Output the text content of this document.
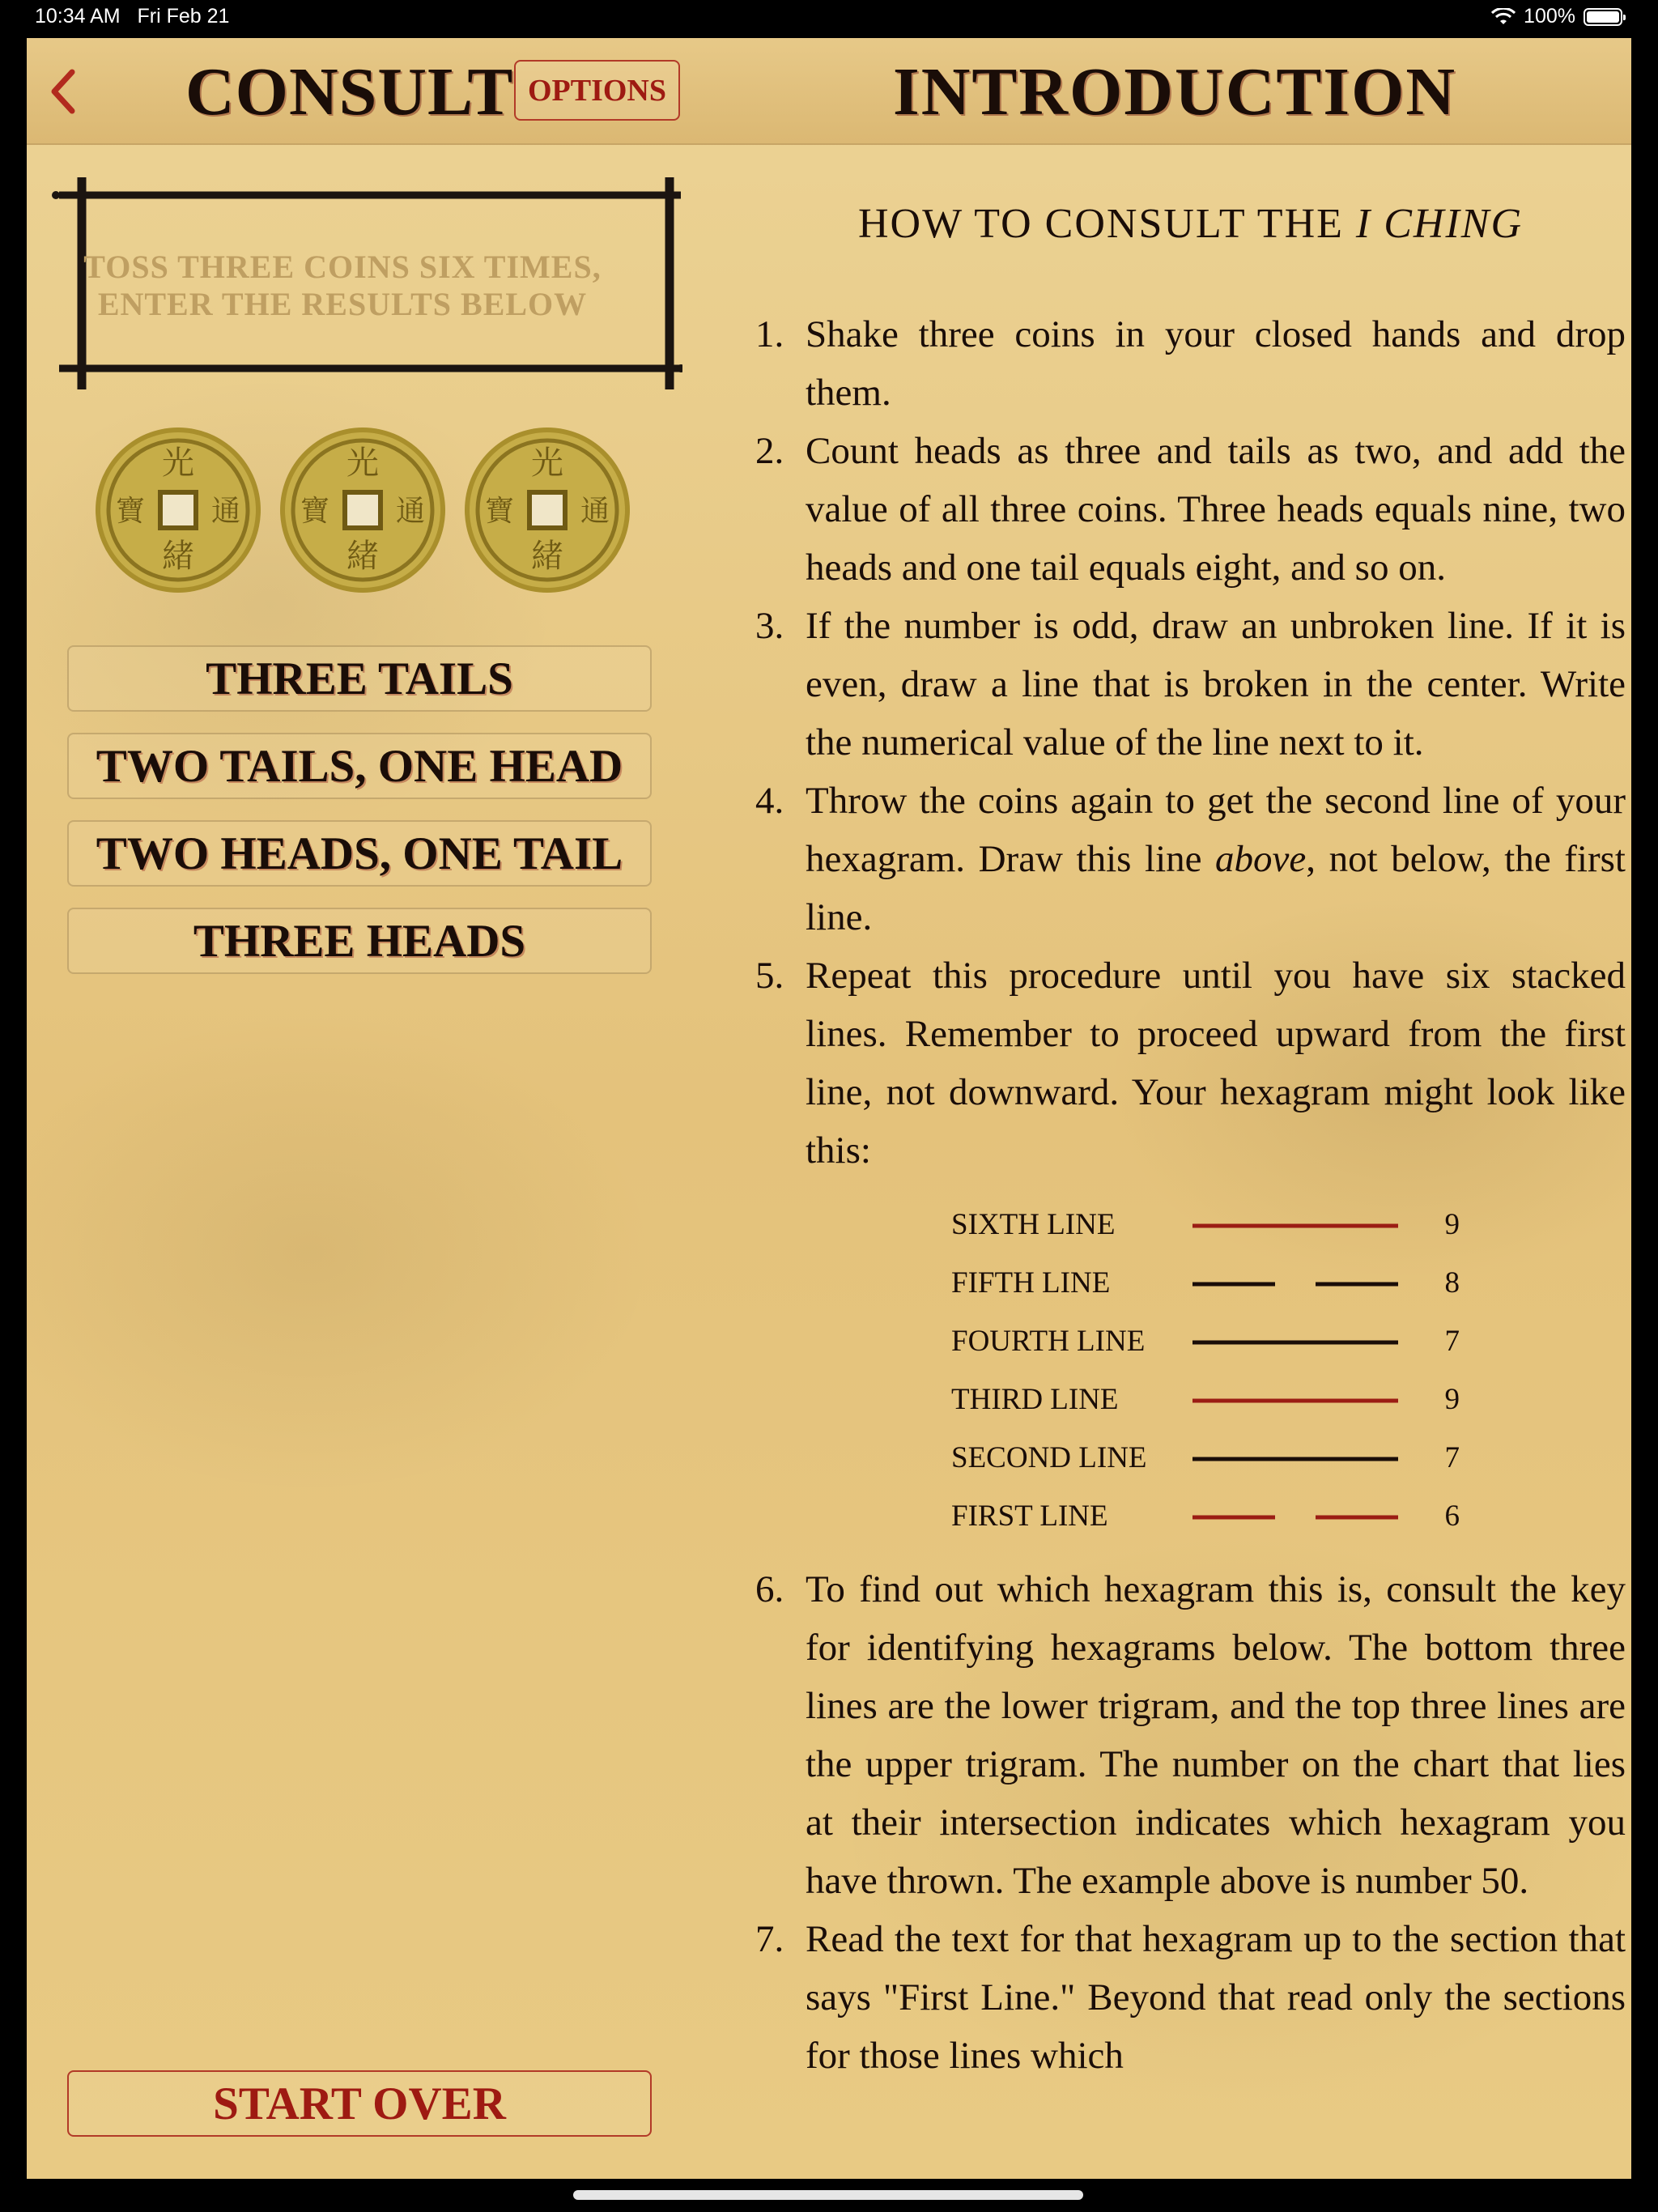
10:34 AM Fri Feb 21	100%
CONSULT OPTIONS	INTRODUCTION
TOSS THREE COINS SIX TIMES,
ENTER THE RESULTS BELOW
光
緒
寶 通
光
緒
寶 通
光
緒
寶 通
THREE TAILS
TWO TAILS, ONE HEAD
TWO HEADS, ONE TAIL
THREE HEADS
START OVER
HOW TO CONSULT THE I CHING
1. Shake three coins in your closed hands and drop them.
2. Count heads as three and tails as two, and add the value of all three coins. Three heads equals nine, two heads and one tail equals eight, and so on.
3. If the number is odd, draw an unbroken line. If it is even, draw a line that is broken in the center. Write the numerical value of the line next to it.
4. Throw the coins again to get the second line of your hexagram. Draw this line above, not below, the first line.
5. Repeat this procedure until you have six stacked lines. Remember to proceed upward from the first line, not downward. Your hexagram might look like this:
SIXTH LINE		9
FIFTH LINE		8
FOURTH LINE		7
THIRD LINE		9
SECOND LINE		7
FIRST LINE		6
6. To find out which hexagram this is, consult the key for identifying hexagrams below. The bottom three lines are the lower trigram, and the top three lines are the upper trigram. The number on the chart that lies at their intersection indicates which hexagram you have thrown. The example above is number 50.
7. Read the text for that hexagram up to the section that says "First Line." Beyond that read only the sections for those lines which
